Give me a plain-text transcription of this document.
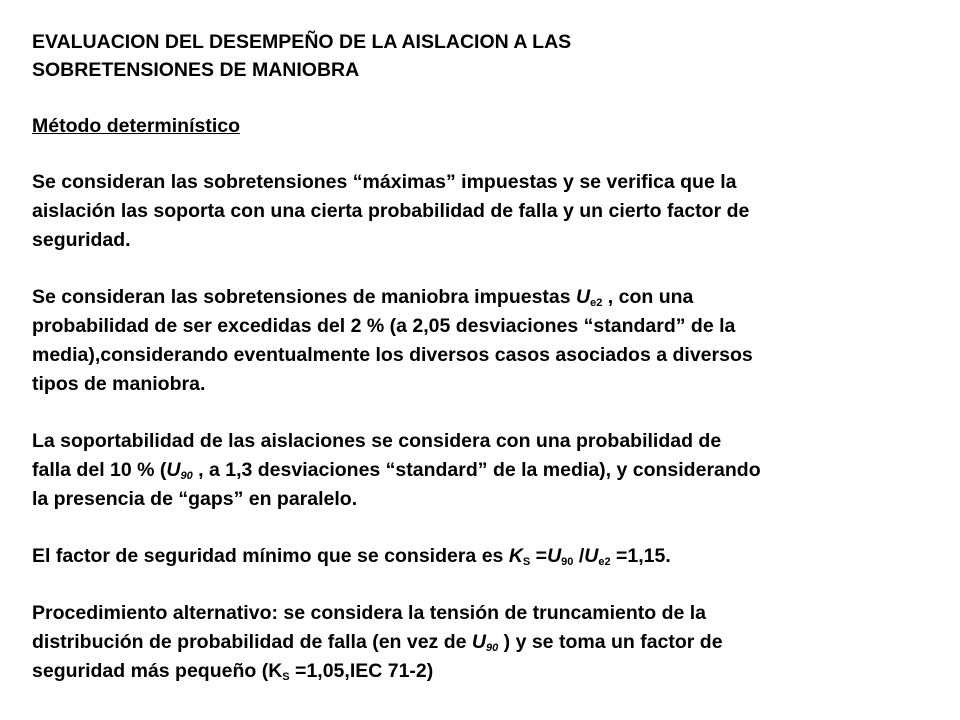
EVALUACION DEL DESEMPEÑO DE LA AISLACION A LAS
SOBRETENSIONES DE MANIOBRA
Método determinístico
Se consideran las sobretensiones “máximas” impuestas y se verifica que la
aislación las soporta con una cierta probabilidad de falla y un cierto factor de
seguridad.
Se consideran las sobretensiones de maniobra impuestas $U_{e2}$ , con una
probabilidad de ser excedidas del 2 % (a 2,05 desviaciones “standard” de la
media),considerando eventualmente los diversos casos asociados a diversos
tipos de maniobra.
La soportabilidad de las aislaciones se considera con una probabilidad de
falla del 10 % ($U_{90}$ , a 1,3 desviaciones “standard” de la media), y considerando
la presencia de “gaps” en paralelo.
El factor de seguridad mínimo que se considera es $K_S =U_{90}$ $/U_{e2} =1,15$.
Procedimiento alternativo: se considera la tensión de truncamiento de la
distribución de probabilidad de falla (en vez de $U_{90}$ ) y se toma un factor de
seguridad más pequeño ($K_S =1,05,IEC$ 71-2)
